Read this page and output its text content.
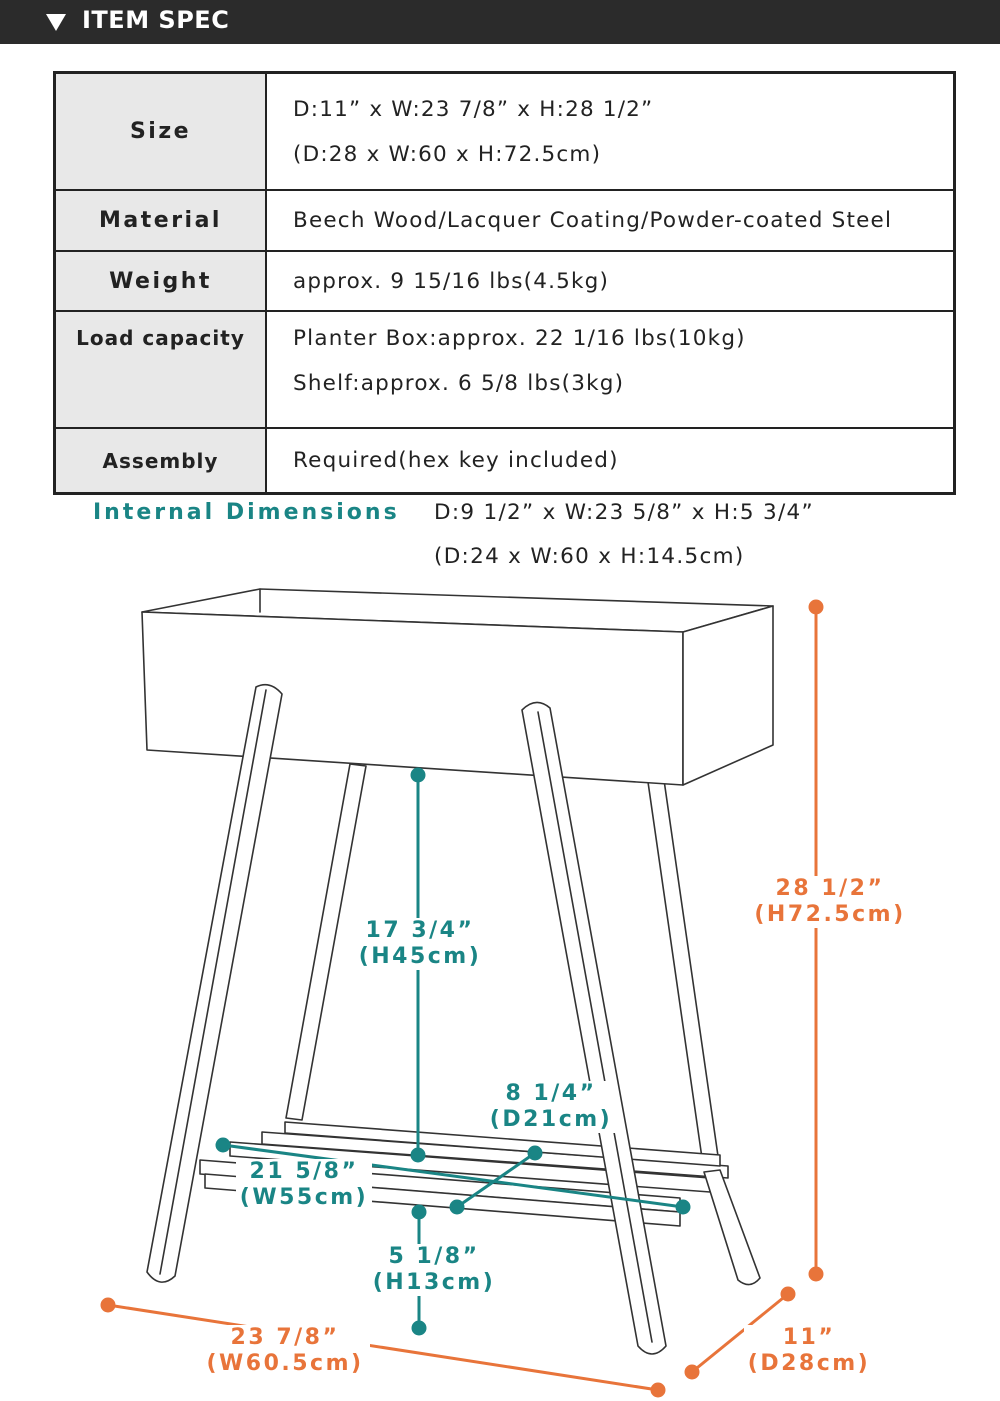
ITEM SPEC
Size	D:11” x W:23 7/8” x H:28 1/2”
(D:28 x W:60 x H:72.5cm)

Material	Beech Wood/Lacquer Coating/Powder-coated Steel
Weight	approx. 9 15/16 lbs(4.5kg)
Load capacity	Planter Box:approx. 22 1/16 lbs(10kg)
Shelf:approx. 6 5/8 lbs(3kg)

Assembly	Required(hex key included)
Internal Dimensions D:9 1/2” x W:23 5/8” x H:5 3/4”
(D:24 x W:60 x H:14.5cm)
28 1/2”
(H72.5cm)
17 3/4”
(H45cm)
8 1/4”
(D21cm)
21 5/8”
(W55cm)
5 1/8”
(H13cm)
23 7/8”
(W60.5cm)
11”
(D28cm)
